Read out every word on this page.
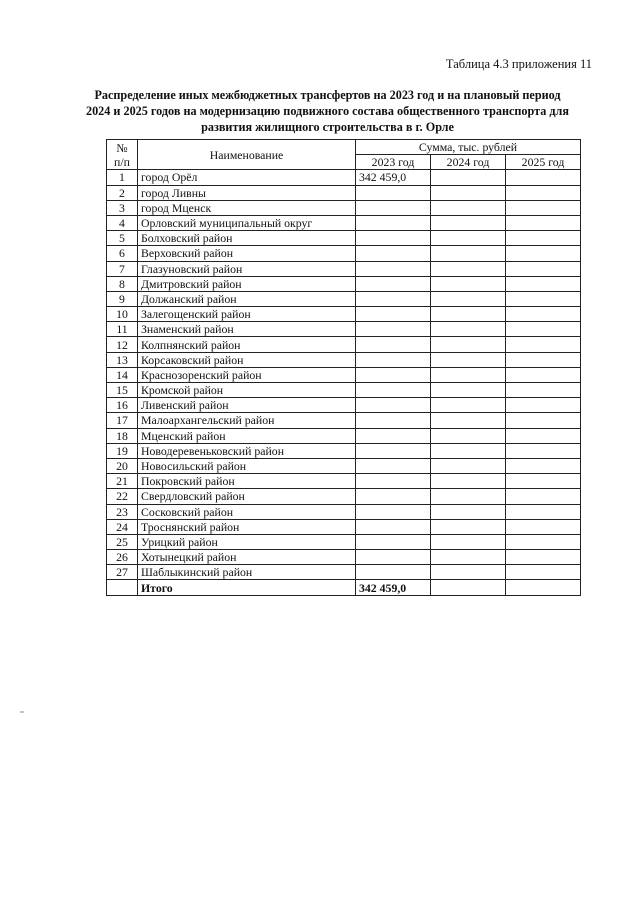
Таблица 4.3 приложения 11
Распределение иных межбюджетных трансфертов на 2023 год и на плановый период
2024 и 2025 годов на модернизацию подвижного состава общественного транспорта для
развития жилищного строительства в г. Орле
№
п/п	Наименование	Сумма, тыс. рублей		
		2023 год	2024 год	2025 год
1	город Орёл	342 459,0		
2	город Ливны			
3	город Мценск			
4	Орловский муниципальный округ			
5	Болховский район			
6	Верховский район			
7	Глазуновский район			
8	Дмитровский район			
9	Должанский район			
10	Залегощенский район			
11	Знаменский район			
12	Колпнянский район			
13	Корсаковский район			
14	Краснозоренский район			
15	Кромской район			
16	Ливенский район			
17	Малоархангельский район			
18	Мценский район			
19	Новодеревеньковский район			
20	Новосильский район			
21	Покровский район			
22	Свердловский район			
23	Сосковский район			
24	Троснянский район			
25	Урицкий район			
26	Хотынецкий район			
27	Шаблыкинский район			
	Итого	342 459,0		
